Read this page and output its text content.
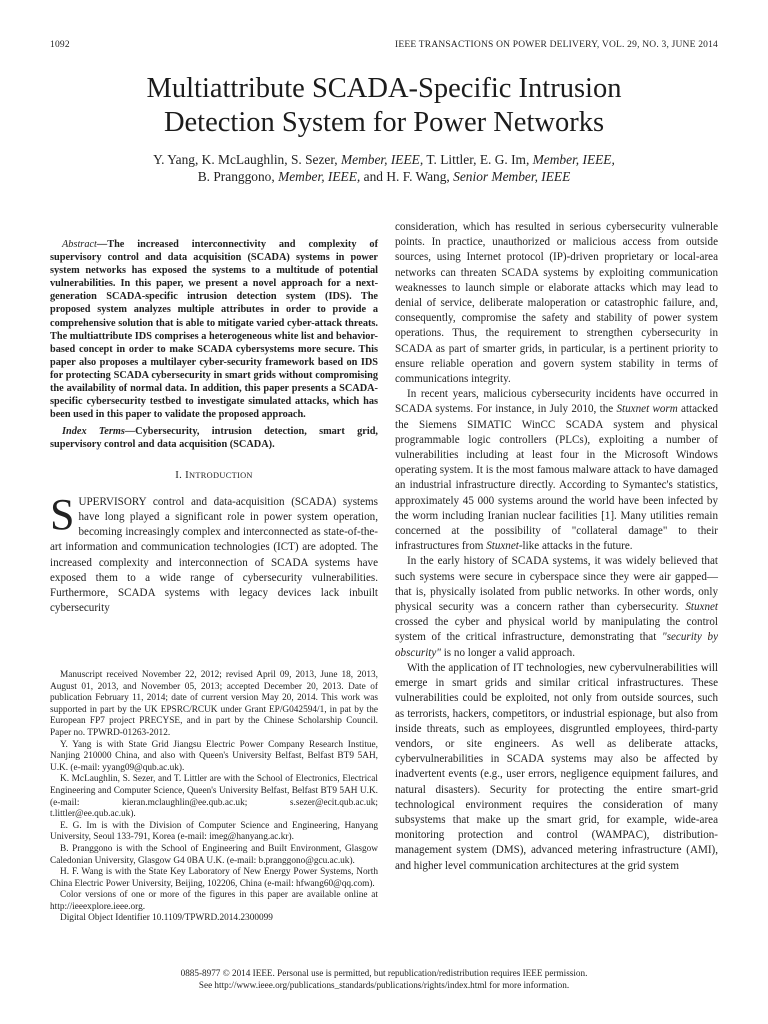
1092	IEEE TRANSACTIONS ON POWER DELIVERY, VOL. 29, NO. 3, JUNE 2014
Multiattribute SCADA-Specific Intrusion
Detection System for Power Networks
Y. Yang, K. McLaughlin, S. Sezer, Member, IEEE, T. Littler, E. G. Im, Member, IEEE,
B. Pranggono, Member, IEEE, and H. F. Wang, Senior Member, IEEE

Abstract—The increased interconnectivity and complexity of supervisory control and data acquisition (SCADA) systems in power system networks has exposed the systems to a multitude of potential vulnerabilities. In this paper, we present a novel approach for a next-generation SCADA-specific intrusion detection system (IDS). The proposed system analyzes multiple attributes in order to provide a comprehensive solution that is able to mitigate varied cyber-attack threats. The multiattribute IDS comprises a heterogeneous white list and behavior-based concept in order to make SCADA cybersystems more secure. This paper also proposes a multilayer cyber-security framework based on IDS for protecting SCADA cybersecurity in smart grids without compromising the availability of normal data. In addition, this paper presents a SCADA-specific cybersecurity testbed to investigate simulated attacks, which has been used in this paper to validate the proposed approach.

Index Terms—Cybersecurity, intrusion detection, smart grid, supervisory control and data acquisition (SCADA).

I. INTRODUCTION

SUPERVISORY control and data-acquisition (SCADA) systems have long played a significant role in power system operation, becoming increasingly complex and interconnected as state-of-the-art information and communication technologies (ICT) are adopted. The increased complexity and interconnection of SCADA systems have exposed them to a wide range of cybersecurity vulnerabilities. Furthermore, SCADA systems with legacy devices lack inbuilt cybersecurity

Manuscript received November 22, 2012; revised April 09, 2013, June 18, 2013, August 01, 2013, and November 05, 2013; accepted December 20, 2013. Date of publication February 11, 2014; date of current version May 20, 2014. This work was supported in part by the UK EPSRC/RCUK under Grant EP/G042594/1, in pat by the European FP7 project PRECYSE, and in part by the Chinese Scholarship Council. Paper no. TPWRD-01263-2012.

Y. Yang is with State Grid Jiangsu Electric Power Company Research Institue, Nanjing 210000 China, and also with Queen's University Belfast, Belfast BT9 5AH, U.K. (e-mail: yyang09@qub.ac.uk).

K. McLaughlin, S. Sezer, and T. Littler are with the School of Electronics, Electrical Engineering and Computer Science, Queen's University Belfast, Belfast BT9 5AH U.K. (e-mail: kieran.mclaughlin@ee.qub.ac.uk; s.sezer@ecit.qub.ac.uk; t.littler@ee.qub.ac.uk).

E. G. Im is with the Division of Computer Science and Engineering, Hanyang University, Seoul 133-791, Korea (e-mail: imeg@hanyang.ac.kr).

B. Pranggono is with the School of Engineering and Built Environment, Glasgow Caledonian University, Glasgow G4 0BA U.K. (e-mail: b.pranggono@gcu.ac.uk).

H. F. Wang is with the State Key Laboratory of New Energy Power Systems, North China Electric Power University, Beijing, 102206, China (e-mail: hfwang60@qq.com).

Color versions of one or more of the figures in this paper are available online at http://ieeexplore.ieee.org.

Digital Object Identifier 10.1109/TPWRD.2014.2300099

consideration, which has resulted in serious cybersecurity vulnerable points. In practice, unauthorized or malicious access from outside sources, using Internet protocol (IP)-driven proprietary or local-area networks can threaten SCADA systems by exploiting communication weaknesses to launch simple or elaborate attacks which may lead to denial of service, deliberate maloperation or catastrophic failure, and, consequently, compromise the safety and stability of power system operations. Thus, the requirement to strengthen cybersecurity in SCADA as part of smarter grids, in particular, is a pertinent priority to ensure reliable operation and govern system stability in terms of communications integrity.

In recent years, malicious cybersecurity incidents have occurred in SCADA systems. For instance, in July 2010, the Stuxnet worm attacked the Siemens SIMATIC WinCC SCADA system and physical programmable logic controllers (PLCs), exploiting a number of vulnerabilities including at least four in the Microsoft Windows operating system. It is the most famous malware attack to have damaged an industrial infrastructure directly. According to Symantec's statistics, approximately 45 000 systems around the world have been infected by the worm including Iranian nuclear facilities [1]. Many utilities remain concerned at the possibility of "collateral damage" to their infrastructures from Stuxnet-like attacks in the future.

In the early history of SCADA systems, it was widely believed that such systems were secure in cyberspace since they were air gapped—that is, physically isolated from public networks. In other words, only physical security was a concern rather than cybersecurity. Stuxnet crossed the cyber and physical world by manipulating the control system of the critical infrastructure, demonstrating that "security by obscurity" is no longer a valid approach.

With the application of IT technologies, new cybervulnerabilities will emerge in smart grids and similar critical infrastructures. These vulnerabilities could be exploited, not only from outside sources, such as terrorists, hackers, competitors, or industrial espionage, but also from inside threats, such as employees, disgruntled employees, third-party vendors, or site engineers. As well as deliberate attacks, cybervulnerabilities in SCADA systems may also be affected by inadvertent events (e.g., user errors, negligence equipment failures, and natural disasters). Security for protecting the entire smart-grid technological environment requires the consideration of many subsystems that make up the smart grid, for example, wide-area monitoring protection and control (WAMPAC), distribution-management system (DMS), advanced metering infrastructure (AMI), and higher level communication architectures at the grid system

0885-8977 © 2014 IEEE. Personal use is permitted, but republication/redistribution requires IEEE permission.
See http://www.ieee.org/publications_standards/publications/rights/index.html for more information.
